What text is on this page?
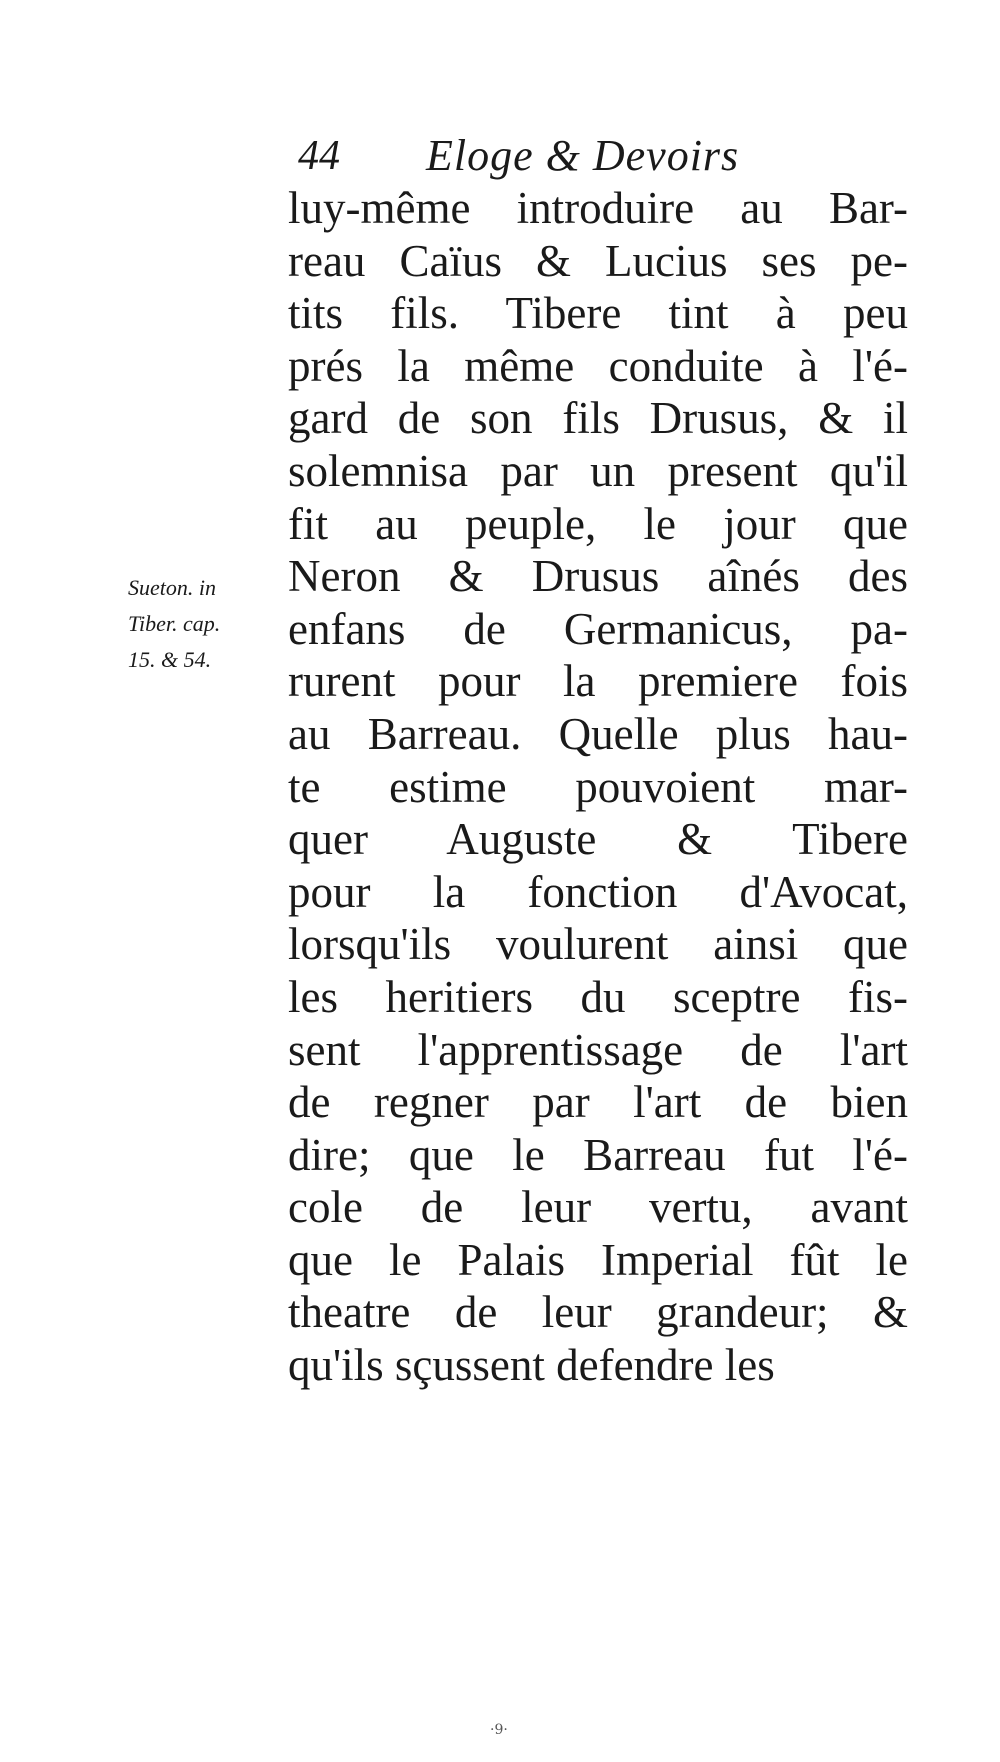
44 Eloge & Devoirs
Sueton. in
Tiber. cap.
15. & 54.
luy-même introduire au Bar-
reau Caïus & Lucius ses pe-
tits fils. Tibere tint à peu
prés la même conduite à l'é-
gard de son fils Drusus, & il
solemnisa par un present qu'il
fit au peuple, le jour que
Neron & Drusus aînés des
enfans de Germanicus, pa-
rurent pour la premiere fois
au Barreau. Quelle plus hau-
te estime pouvoient mar-
quer Auguste & Tibere
pour la fonction d'Avocat,
lorsqu'ils voulurent ainsi que
les heritiers du sceptre fis-
sent l'apprentissage de l'art
de regner par l'art de bien
dire; que le Barreau fut l'é-
cole de leur vertu, avant
que le Palais Imperial fût le
theatre de leur grandeur; &
qu'ils sçussent defendre les
·9·
